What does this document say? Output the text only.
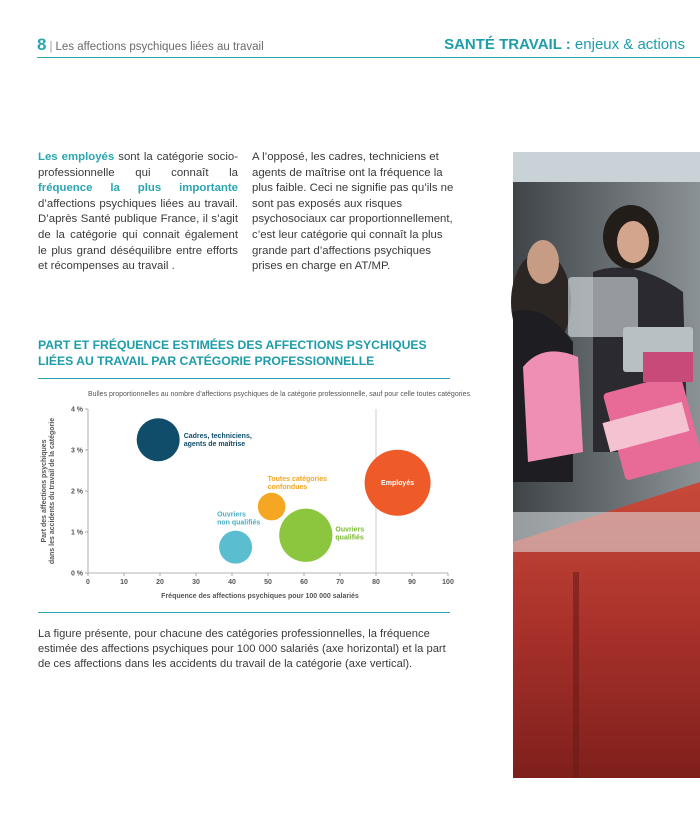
8 | Les affections psychiques liées au travail	SANTÉ TRAVAIL : enjeux & actions
Les employés sont la catégorie socio-professionnelle qui connaît la fréquence la plus importante d’affections psychiques liées au travail. D’après Santé publique France, il s’agit de la catégorie qui connait également le plus grand déséquilibre entre efforts et récompenses au travail .
A l’opposé, les cadres, techniciens et agents de maîtrise ont la fréquence la plus faible. Ceci ne signifie pas qu’ils ne sont pas exposés aux risques psychosociaux car proportionnellement, c’est leur catégorie qui connaît la plus grande part d’affections psychiques prises en charge en AT/MP.
PART ET FRÉQUENCE ESTIMÉES DES AFFECTIONS PSYCHIQUES LIÉES AU TRAVAIL PAR CATÉGORIE PROFESSIONNELLE
Bulles proportionnelles au nombre d’affections psychiques de la catégorie professionnelle, sauf pour celle toutes catégories
0	10	20	30	40	50	60	70	80	90	100
0 %
1 %
2 %
3 %
4 %
Fréquence des affections psychiques pour 100 000 salariés
Part des affections psychiques dans les accidents du travail de la catégorie	Cadres, techniciens,
agents de maîtrise
Toutes catégories
confondues
Employés
Ouvriers
non qualifiés
Ouvriers
qualifiés
La figure présente, pour chacune des catégories professionnelles, la fréquence estimée des affections psychiques pour 100 000 salariés (axe horizontal) et la part de ces affections dans les accidents du travail de la catégorie (axe vertical).
